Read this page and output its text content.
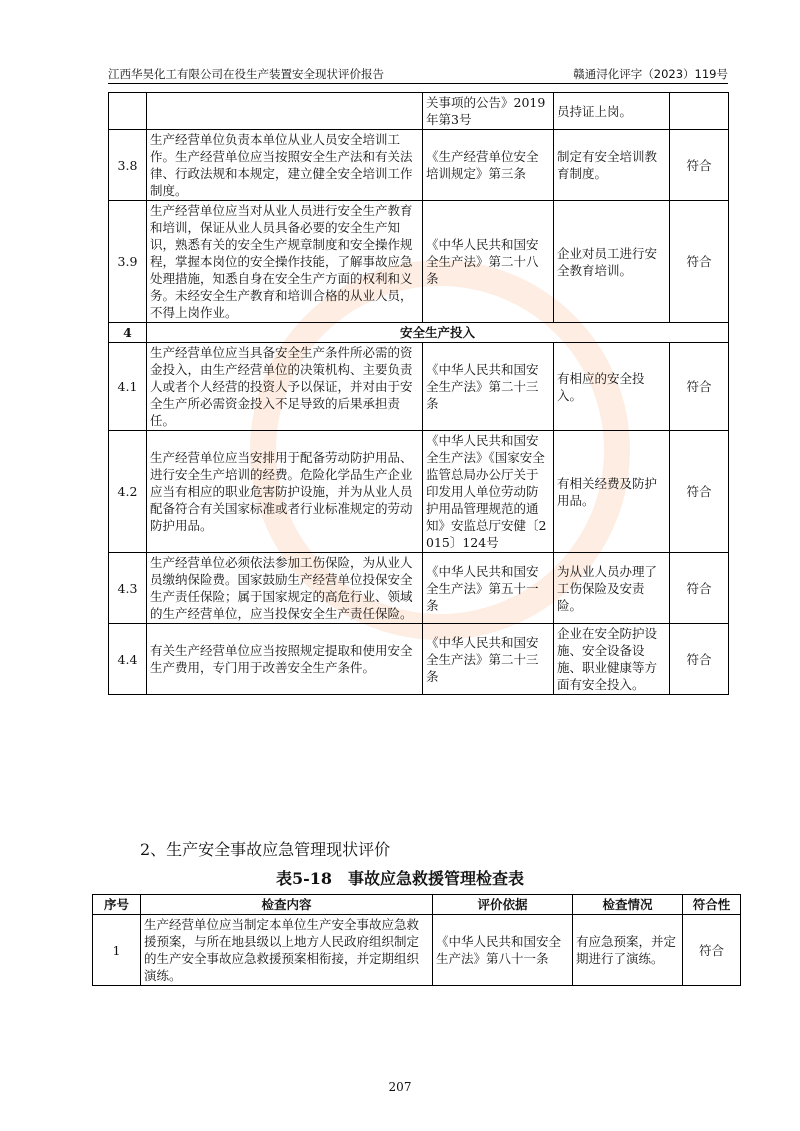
江西华昊化工有限公司在役生产装置安全现状评价报告	赣通浔化评字（2023）119号
		关事项的公告》2019年第3号	员持证上岗。	
3.8	生产经营单位负责本单位从业人员安全培训工作。生产经营单位应当按照安全生产法和有关法律、行政法规和本规定，建立健全安全培训工作制度。	《生产经营单位安全培训规定》第三条	制定有安全培训教育制度。	符合
3.9	生产经营单位应当对从业人员进行安全生产教育和培训，保证从业人员具备必要的安全生产知识，熟悉有关的安全生产规章制度和安全操作规程，掌握本岗位的安全操作技能，了解事故应急处理措施，知悉自身在安全生产方面的权利和义务。未经安全生产教育和培训合格的从业人员，不得上岗作业。	《中华人民共和国安全生产法》第二十八条	企业对员工进行安全教育培训。	符合
4	安全生产投入			
4.1	生产经营单位应当具备安全生产条件所必需的资金投入，由生产经营单位的决策机构、主要负责人或者个人经营的投资人予以保证，并对由于安全生产所必需资金投入不足导致的后果承担责任。	《中华人民共和国安全生产法》第二十三条	有相应的安全投入。	符合
4.2	生产经营单位应当安排用于配备劳动防护用品、进行安全生产培训的经费。危险化学品生产企业应当有相应的职业危害防护设施，并为从业人员配备符合有关国家标准或者行业标准规定的劳动防护用品。	《中华人民共和国安全生产法》《国家安全监管总局办公厅关于印发用人单位劳动防护用品管理规范的通知》安监总厅安健〔2015〕124号	有相关经费及防护用品。	符合
4.3	生产经营单位必须依法参加工伤保险，为从业人员缴纳保险费。国家鼓励生产经营单位投保安全生产责任保险；属于国家规定的高危行业、领域的生产经营单位，应当投保安全生产责任保险。	《中华人民共和国安全生产法》第五十一条	为从业人员办理了工伤保险及安责险。	符合
4.4	有关生产经营单位应当按照规定提取和使用安全生产费用，专门用于改善安全生产条件。	《中华人民共和国安全生产法》第二十三条	企业在安全防护设施、安全设备设施、职业健康等方面有安全投入。	符合
2、生产安全事故应急管理现状评价
表5-18　事故应急救援管理检查表
序号	检查内容	评价依据	检查情况	符合性
1	生产经营单位应当制定本单位生产安全事故应急救援预案，与所在地县级以上地方人民政府组织制定的生产安全事故应急救援预案相衔接，并定期组织演练。	《中华人民共和国安全生产法》第八十一条	有应急预案，并定期进行了演练。	符合
207
